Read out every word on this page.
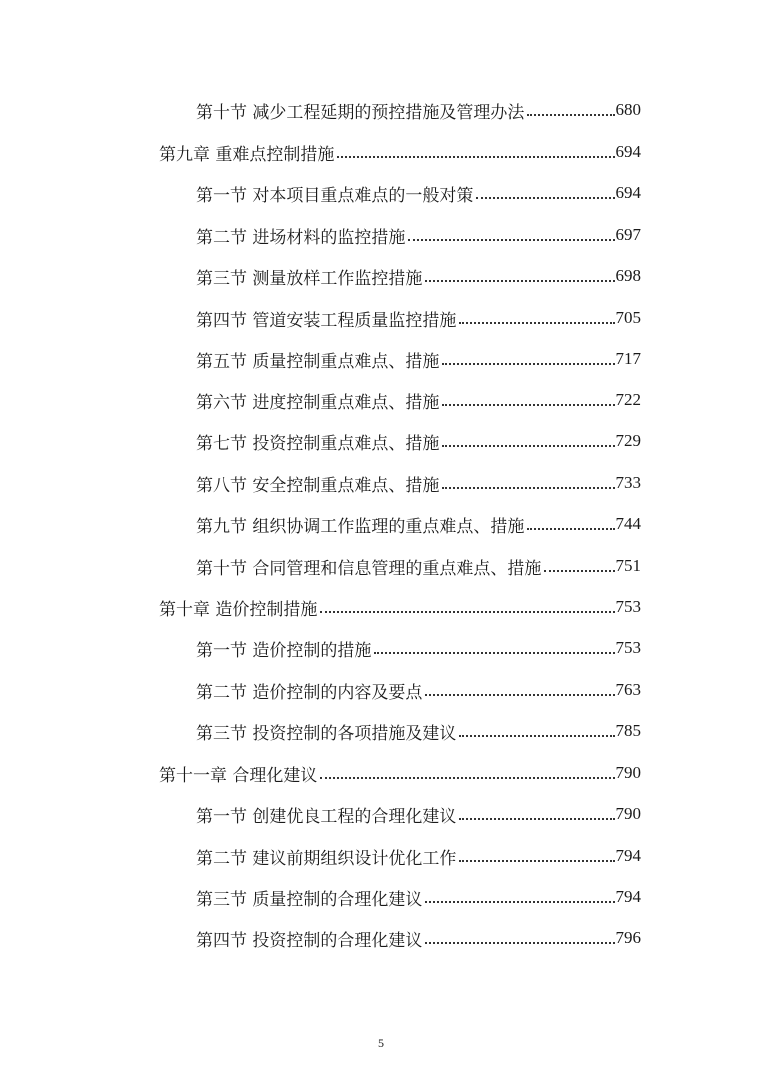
第十节 减少工程延期的预控措施及管理办法	680
第九章 重难点控制措施	694
第一节 对本项目重点难点的一般对策	694
第二节 进场材料的监控措施	697
第三节 测量放样工作监控措施	698
第四节 管道安装工程质量监控措施	705
第五节 质量控制重点难点、措施	717
第六节 进度控制重点难点、措施	722
第七节 投资控制重点难点、措施	729
第八节 安全控制重点难点、措施	733
第九节 组织协调工作监理的重点难点、措施	744
第十节 合同管理和信息管理的重点难点、措施	751
第十章 造价控制措施	753
第一节 造价控制的措施	753
第二节 造价控制的内容及要点	763
第三节 投资控制的各项措施及建议	785
第十一章 合理化建议	790
第一节 创建优良工程的合理化建议	790
第二节 建议前期组织设计优化工作	794
第三节 质量控制的合理化建议	794
第四节 投资控制的合理化建议	796
5
